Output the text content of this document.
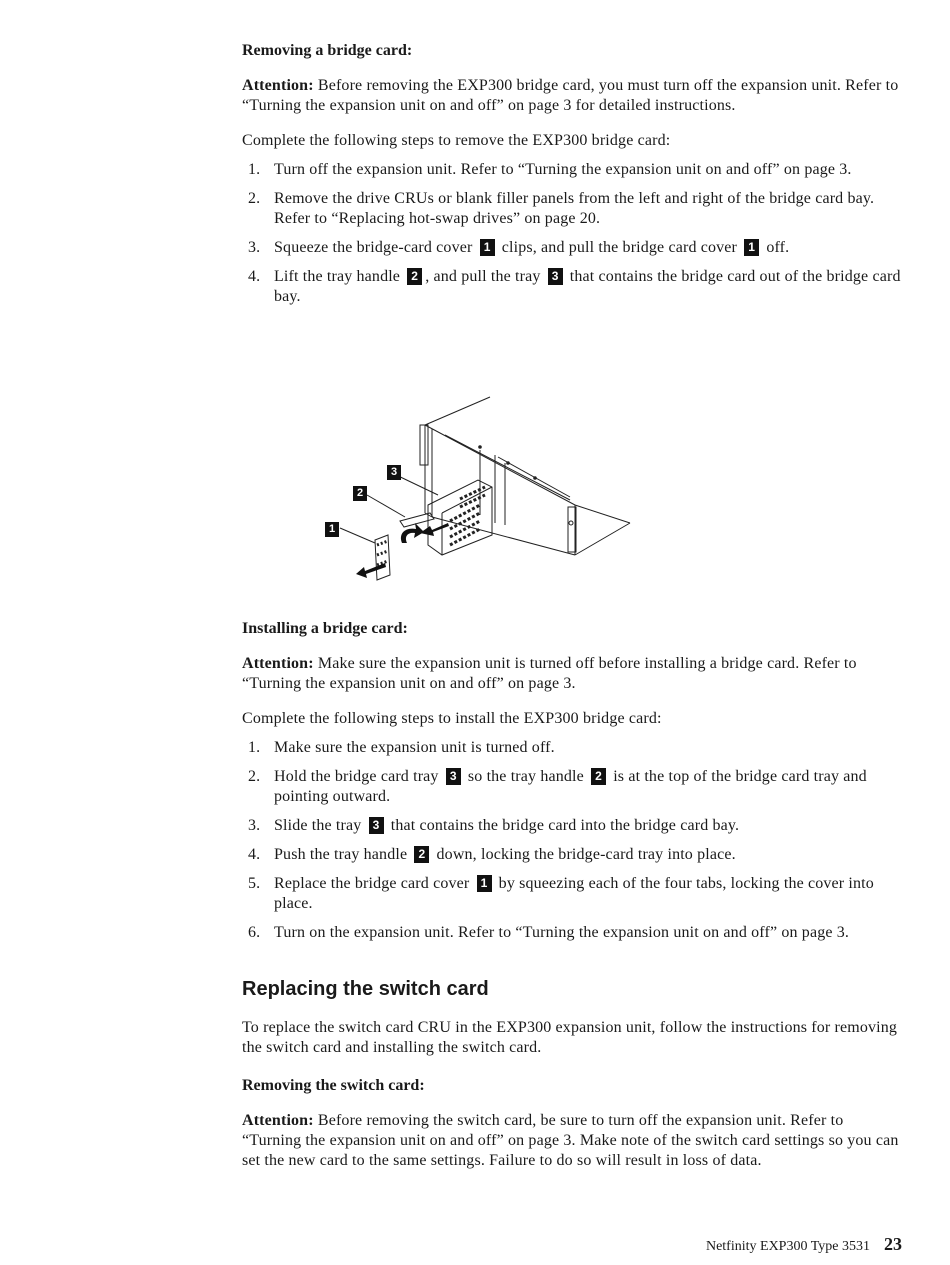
Removing a bridge card:

Attention: Before removing the EXP300 bridge card, you must turn off the expansion unit. Refer to “Turning the expansion unit on and off” on page 3 for detailed instructions.

Complete the following steps to remove the EXP300 bridge card:

1. Turn off the expansion unit. Refer to “Turning the expansion unit on and off” on page 3.
2. Remove the drive CRUs or blank filler panels from the left and right of the bridge card bay. Refer to “Replacing hot-swap drives” on page 20.
3. Squeeze the bridge-card cover 1 clips, and pull the bridge card cover 1 off.
4. Lift the tray handle 2 , and pull the tray 3 that contains the bridge card out of the bridge card bay.
3
2
1

Installing a bridge card:

Attention: Make sure the expansion unit is turned off before installing a bridge card. Refer to “Turning the expansion unit on and off” on page 3.

Complete the following steps to install the EXP300 bridge card:

1. Make sure the expansion unit is turned off.
2. Hold the bridge card tray 3 so the tray handle 2 is at the top of the bridge card tray and pointing outward.
3. Slide the tray 3 that contains the bridge card into the bridge card bay.
4. Push the tray handle 2 down, locking the bridge-card tray into place.
5. Replace the bridge card cover 1 by squeezing each of the four tabs, locking the cover into place.
6. Turn on the expansion unit. Refer to “Turning the expansion unit on and off” on page 3.
Replacing the switch card

To replace the switch card CRU in the EXP300 expansion unit, follow the instructions for removing the switch card and installing the switch card.

Removing the switch card:

Attention: Before removing the switch card, be sure to turn off the expansion unit. Refer to “Turning the expansion unit on and off” on page 3. Make note of the switch card settings so you can set the new card to the same settings. Failure to do so will result in loss of data.

Netfinity EXP300 Type 3531 23
